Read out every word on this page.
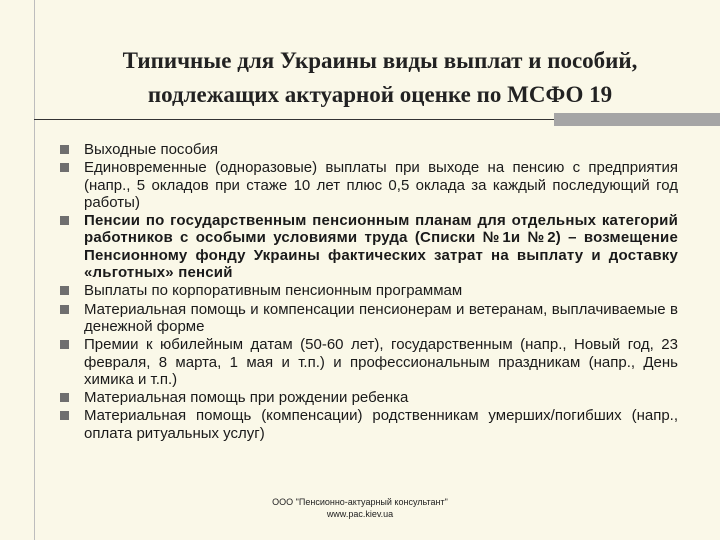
Типичные для Украины виды выплат и пособий,
подлежащих актуарной оценке по МСФО 19
Выходные пособия
Единовременные (одноразовые) выплаты при выходе на пенсию с предприятия (напр., 5 окладов при стаже 10 лет плюс 0,5 оклада за каждый последующий год работы)
Пенсии по государственным пенсионным планам для отдельных категорий работников с особыми условиями труда (Списки №1и №2) – возмещение Пенсионному фонду Украины фактических затрат на выплату и доставку «льготных» пенсий
Выплаты по корпоративным пенсионным программам
Материальная помощь и компенсации пенсионерам и ветеранам, выплачиваемые в денежной форме
Премии к юбилейным датам (50-60 лет), государственным (напр., Новый год, 23 февраля, 8 марта, 1 мая и т.п.) и профессиональным праздникам (напр., День химика и т.п.)
Материальная помощь при рождении ребенка
Материальная помощь (компенсации) родственникам умерших/погибших (напр., оплата ритуальных услуг)
ООО "Пенсионно-актуарный консультант"
www.pac.kiev.ua
